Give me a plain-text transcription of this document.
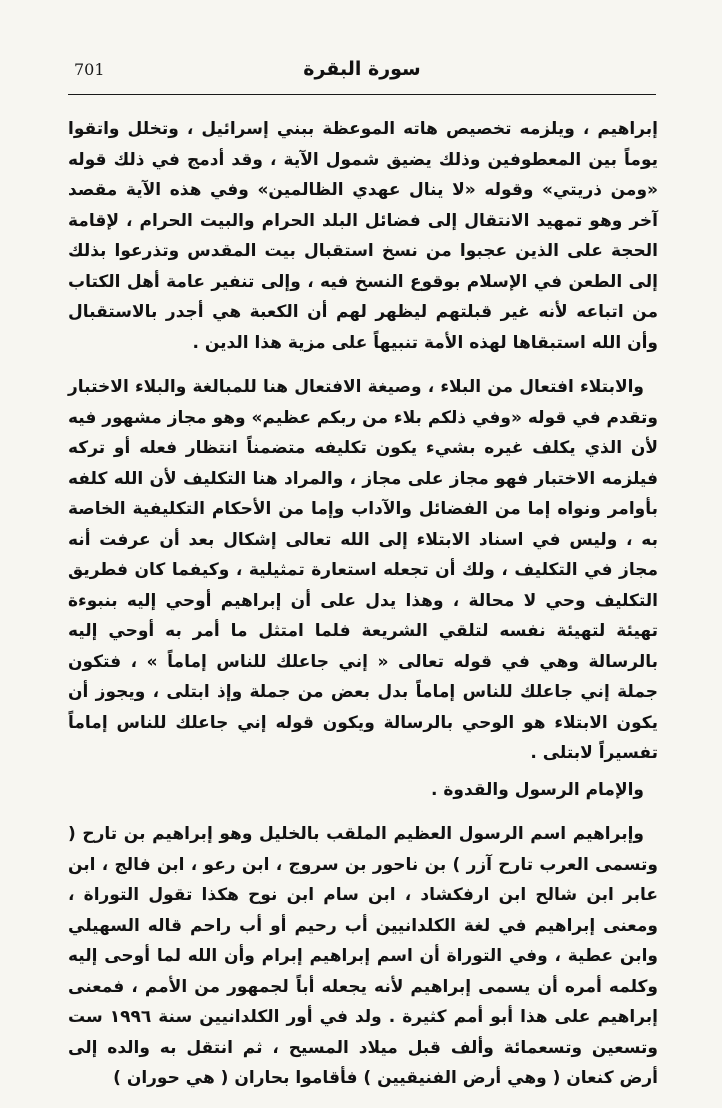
701	سورة البقرة

إبراهيم ، ويلزمه تخصيص هاته الموعظة ببني إسرائيل ، وتخلل واتقوا يوماً بين المعطوفين وذلك يضيق شمول الآية ، وقد أدمج في ذلك قوله «ومن ذريتي» وقوله «لا ينال عهدي الظالمين» وفي هذه الآية مقصد آخر وهو تمهيد الانتقال إلى فضائل البلد الحرام والبيت الحرام ، لإقامة الحجة على الذين عجبوا من نسخ استقبال بيت المقدس وتذرعوا بذلك إلى الطعن في الإسلام بوقوع النسخ فيه ، وإلى تنفير عامة أهل الكتاب من اتباعه لأنه غير قبلتهم ليظهر لهم أن الكعبة هي أجدر بالاستقبال وأن الله استبقاها لهذه الأمة تنبيهاً على مزية هذا الدين .

والابتلاء افتعال من البلاء ، وصيغة الافتعال هنا للمبالغة والبلاء الاختبار وتقدم في قوله «وفي ذلكم بلاء من ربكم عظيم» وهو مجاز مشهور فيه لأن الذي يكلف غيره بشيء يكون تكليفه متضمناً انتظار فعله أو تركه فيلزمه الاختبار فهو مجاز على مجاز ، والمراد هنا التكليف لأن الله كلفه بأوامر ونواه إما من الفضائل والآداب وإما من الأحكام التكليفية الخاصة به ، وليس في اسناد الابتلاء إلى الله تعالى إشكال بعد أن عرفت أنه مجاز في التكليف ، ولك أن تجعله استعارة تمثيلية ، وكيفما كان فطريق التكليف وحي لا محالة ، وهذا يدل على أن إبراهيم أوحي إليه بنبوءة تهيئة لتهيئة نفسه لتلقي الشريعة فلما امتثل ما أمر به أوحي إليه بالرسالة وهي في قوله تعالى « إني جاعلك للناس إماماً » ، فتكون جملة إني جاعلك للناس إماماً بدل بعض من جملة وإذ ابتلى ، ويجوز أن يكون الابتلاء هو الوحي بالرسالة ويكون قوله إني جاعلك للناس إماماً تفسيراً لابتلى .

والإمام الرسول والقدوة .

وإبراهيم اسم الرسول العظيم الملقب بالخليل وهو إبراهيم بن تارح ( وتسمى العرب تارح آزر ) بن ناحور بن سروج ، ابن رعو ، ابن فالج ، ابن عابر ابن شالح ابن ارفكشاد ، ابن سام ابن نوح هكذا تقول التوراة ، ومعنى إبراهيم في لغة الكلدانيين أب رحيم أو أب راحم قاله السهيلي وابن عطية ، وفي التوراة أن اسم إبراهيم إبرام وأن الله لما أوحى إليه وكلمه أمره أن يسمى إبراهيم لأنه يجعله أباً لجمهور من الأمم ، فمعنى إبراهيم على هذا أبو أمم كثيرة . ولد في أور الكلدانيين سنة ١٩٩٦ ست وتسعين وتسعمائة وألف قبل ميلاد المسيح ، ثم انتقل به والده إلى أرض كنعان ( وهي أرض الفنيقيين ) فأقاموا بحاران ( هي حوران )
